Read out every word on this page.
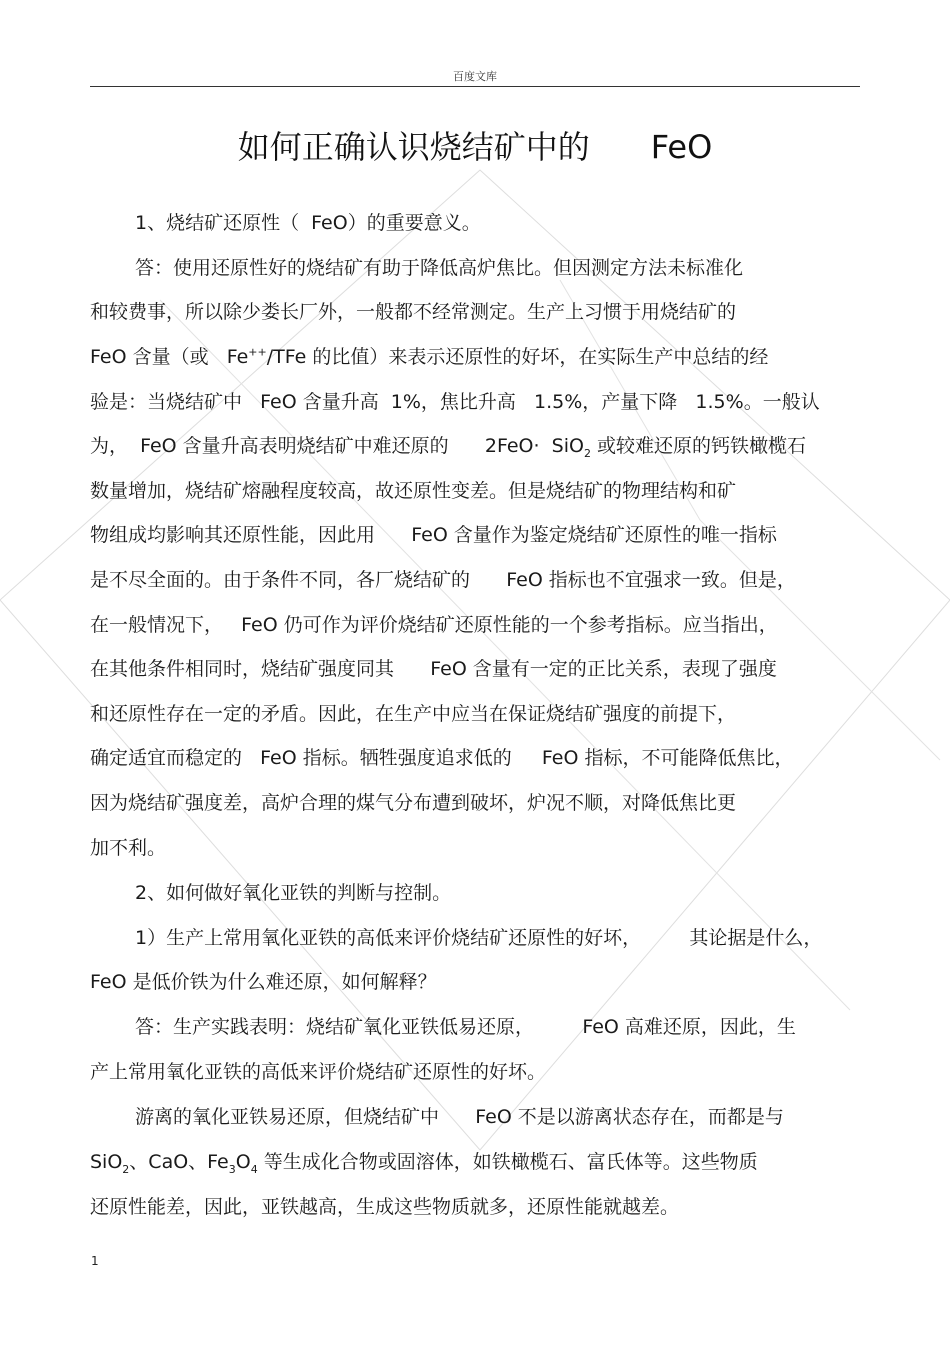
百度文库
如何正确认识烧结矿中的      FeO
1、烧结矿还原性（  FeO）的重要意义。
答：使用还原性好的烧结矿有助于降低高炉焦比。但因测定方法未标准化
和较费事，所以除少娄长厂外，一般都不经常测定。生产上习惯于用烧结矿的
FeO 含量（或   Fe++/TFe 的比值）来表示还原性的好坏，在实际生产中总结的经
验是：当烧结矿中   FeO 含量升高  1%，焦比升高   1.5%，产量下降   1.5%。一般认
为，  FeO 含量升高表明烧结矿中难还原的      2FeO·  SiO$_2$ 或较难还原的钙铁橄榄石
数量增加，烧结矿熔融程度较高，故还原性变差。但是烧结矿的物理结构和矿
物组成均影响其还原性能，因此用      FeO 含量作为鉴定烧结矿还原性的唯一指标
是不尽全面的。由于条件不同，各厂烧结矿的      FeO 指标也不宜强求一致。但是，
在一般情况下，   FeO 仍可作为评价烧结矿还原性能的一个参考指标。应当指出，
在其他条件相同时，烧结矿强度同其      FeO 含量有一定的正比关系，表现了强度
和还原性存在一定的矛盾。因此，在生产中应当在保证烧结矿强度的前提下，
确定适宜而稳定的   FeO 指标。牺牲强度追求低的     FeO 指标，不可能降低焦比，
因为烧结矿强度差，高炉合理的煤气分布遭到破坏，炉况不顺，对降低焦比更
加不利。
2、如何做好氧化亚铁的判断与控制。
1）生产上常用氧化亚铁的高低来评价烧结矿还原性的好坏，        其论据是什么，
FeO 是低价铁为什么难还原，如何解释？
答：生产实践表明：烧结矿氧化亚铁低易还原，        FeO 高难还原，因此，生
产上常用氧化亚铁的高低来评价烧结矿还原性的好坏。
游离的氧化亚铁易还原，但烧结矿中      FeO 不是以游离状态存在，而都是与
SiO$_2$、CaO、$Fe_3O_4$ 等生成化合物或固溶体，如铁橄榄石、富氏体等。这些物质
还原性能差，因此，亚铁越高，生成这些物质就多，还原性能就越差。
1
